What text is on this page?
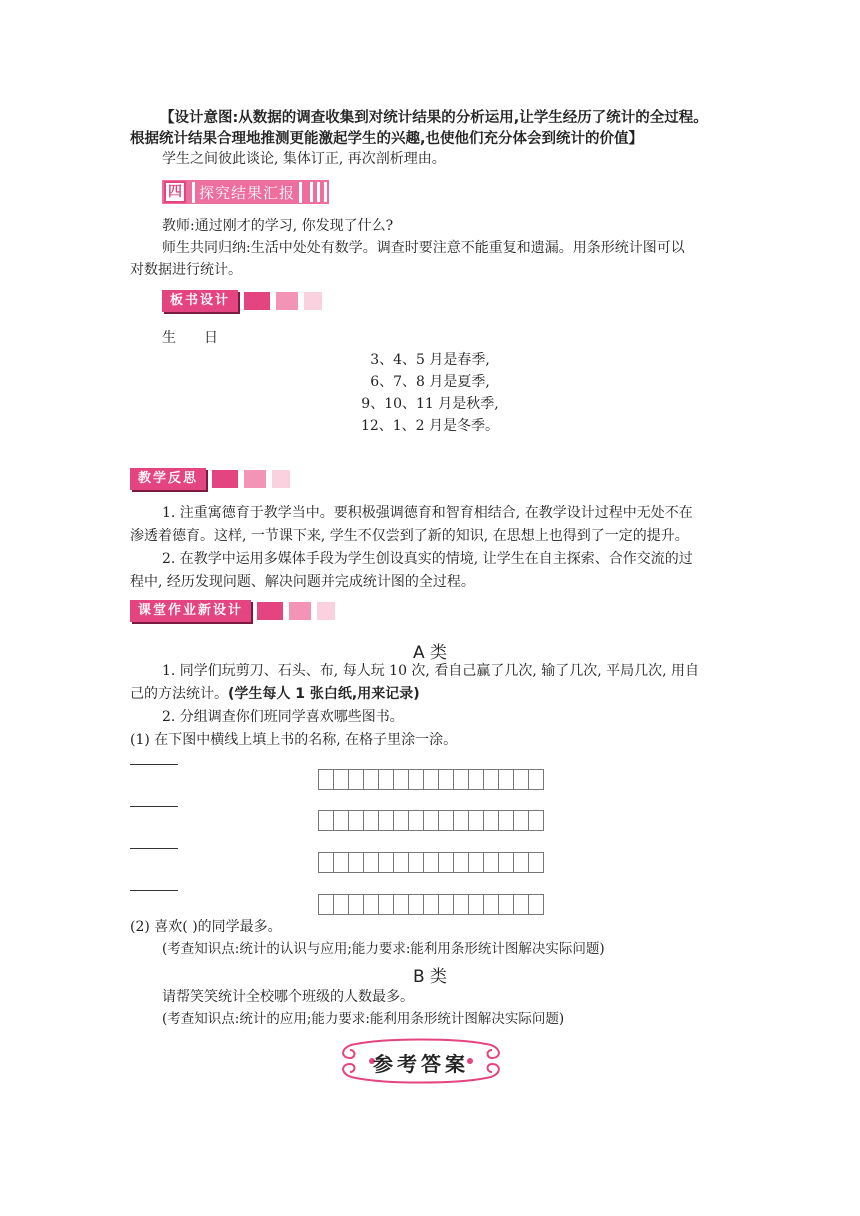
【设计意图:从数据的调查收集到对统计结果的分析运用,让学生经历了统计的全过程。
根据统计结果合理地推测更能激起学生的兴趣,也使他们充分体会到统计的价值】
学生之间彼此谈论, 集体订正, 再次剖析理由。
四	探究结果汇报
教师:通过刚才的学习, 你发现了什么?
师生共同归纳:生活中处处有数学。调查时要注意不能重复和遗漏。用条形统计图可以
对数据进行统计。
板书设计
生　　日
3、4、5 月是春季,
6、7、8 月是夏季,
9、10、11 月是秋季,
12、1、2 月是冬季。
教学反思
1. 注重寓德育于教学当中。要积极强调德育和智育相结合, 在教学设计过程中无处不在
渗透着德育。这样, 一节课下来, 学生不仅尝到了新的知识, 在思想上也得到了一定的提升。
2. 在教学中运用多媒体手段为学生创设真实的情境, 让学生在自主探索、合作交流的过
程中, 经历发现问题、解决问题并完成统计图的全过程。
课堂作业新设计
A 类
1. 同学们玩剪刀、石头、布, 每人玩 10 次, 看自己赢了几次, 输了几次, 平局几次, 用自
己的方法统计。(学生每人 1 张白纸,用来记录)
2. 分组调查你们班同学喜欢哪些图书。
(1) 在下图中横线上填上书的名称, 在格子里涂一涂。
(2) 喜欢( )的同学最多。
(考查知识点:统计的认识与应用;能力要求:能利用条形统计图解决实际问题)
B 类
请帮笑笑统计全校哪个班级的人数最多。
(考查知识点:统计的应用;能力要求:能利用条形统计图解决实际问题)
参考答案
